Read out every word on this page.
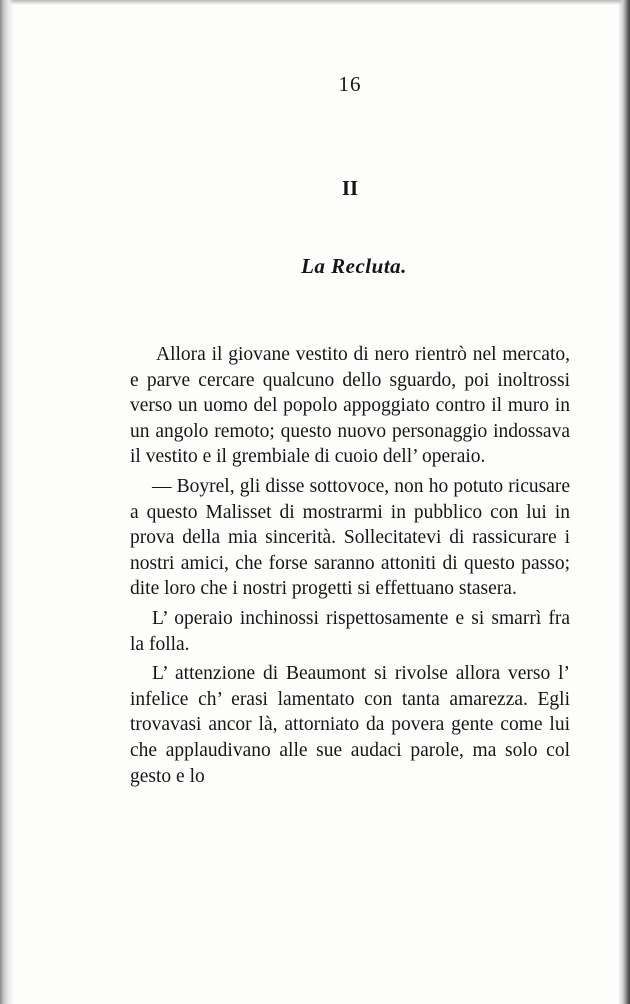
16
II
La Recluta.

Allora il giovane vestito di nero rientrò nel mercato, e parve cercare qualcuno dello sguardo, poi inoltrossi verso un uomo del popolo appoggiato contro il muro in un angolo remoto; questo nuovo personaggio indossava il vestito e il grembiale di cuoio dell’ operaio.

— Boyrel, gli disse sottovoce, non ho potuto ricusare a questo Malisset di mostrarmi in pubblico con lui in prova della mia sincerità. Sollecitatevi di rassicurare i nostri amici, che forse saranno attoniti di questo passo; dite loro che i nostri progetti si effettuano stasera.

L’ operaio inchinossi rispettosamente e si smarrì fra la folla.

L’ attenzione di Beaumont si rivolse allora verso l’ infelice ch’ erasi lamentato con tanta amarezza. Egli trovavasi ancor là, attorniato da povera gente come lui che applaudivano alle sue audaci parole, ma solo col gesto e lo
